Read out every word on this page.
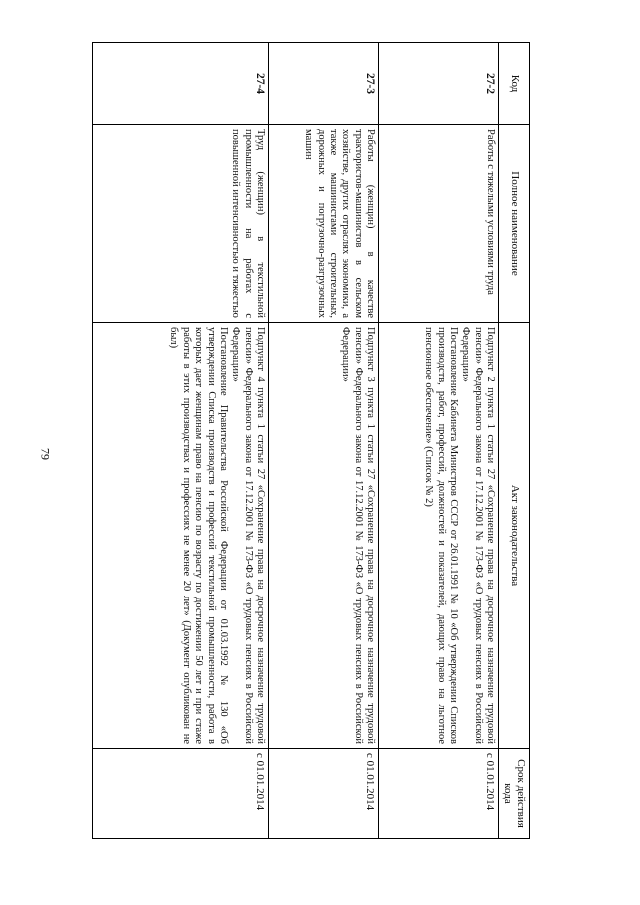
79
Код	Полное наименование	Акт законодательства	Срок действия кода
27-2	Работы с тяжелыми условиями труда	Подпункт 2 пункта 1 статьи 27 «Сохранение права на досрочное назначение трудовой пенсии» Федерального закона от 17.12.2001 № 173-ФЗ «О трудовых пенсиях в Российской Федерации»
Постановление Кабинета Министров СССР от 26.01.1991 № 10 «Об утверждении Списков производств, работ, профессий, должностей и показателей, дающих право на льготное пенсионное обеспечение» (Список № 2)	с 01.01.2014
27-3	Работы (женщин) в качестве трактористов-машинистов в сельском хозяйстве, других отраслях экономики, а также машинистами строительных, дорожных и погрузочно-разгрузочных машин	Подпункт 3 пункта 1 статьи 27 «Сохранение права на досрочное назначение трудовой пенсии» Федерального закона от 17.12.2001 № 173-ФЗ «О трудовых пенсиях в Российской Федерации»	с 01.01.2014
27-4	Труд (женщин) в текстильной промышленности на работах с повышенной интенсивностью и тяжестью	Подпункт 4 пункта 1 статьи 27 «Сохранение права на досрочное назначение трудовой пенсии» Федерального закона от 17.12.2001 № 173-ФЗ «О трудовых пенсиях в Российской Федерации»
Постановление Правительства Российской Федерации от 01.03.1992 № 130 «Об утверждении Списка производств и профессий текстильной промышленности, работа в которых дает женщинам право на пенсию по возрасту по достижении 50 лет и при стаже работы в этих производствах и профессиях не менее 20 лет» (Документ опубликован не был)	с 01.01.2014
